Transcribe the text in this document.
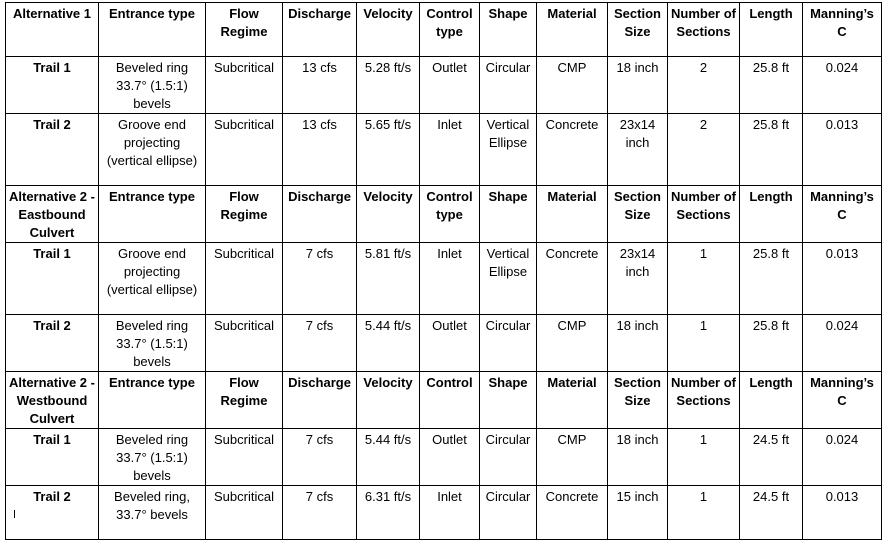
Alternative 1	Entrance type	Flow Regime	Discharge	Velocity	Control type	Shape	Material	Section Size	Number of Sections	Length	Manning’s C
Trail 1	Beveled ring 33.7° (1.5:1) bevels	Subcritical	13 cfs	5.28 ft/s	Outlet	Circular	CMP	18 inch	2	25.8 ft	0.024
Trail 2	Groove end projecting (vertical ellipse)	Subcritical	13 cfs	5.65 ft/s	Inlet	Vertical Ellipse	Concrete	23x14 inch	2	25.8 ft	0.013
Alternative 2 - Eastbound Culvert	Entrance type	Flow Regime	Discharge	Velocity	Control type	Shape	Material	Section Size	Number of Sections	Length	Manning’s C
Trail 1	Groove end projecting (vertical ellipse)	Subcritical	7 cfs	5.81 ft/s	Inlet	Vertical Ellipse	Concrete	23x14 inch	1	25.8 ft	0.013
Trail 2	Beveled ring 33.7° (1.5:1) bevels	Subcritical	7 cfs	5.44 ft/s	Outlet	Circular	CMP	18 inch	1	25.8 ft	0.024
Alternative 2 - Westbound Culvert	Entrance type	Flow Regime	Discharge	Velocity	Control	Shape	Material	Section Size	Number of Sections	Length	Manning’s C
Trail 1	Beveled ring 33.7° (1.5:1) bevels	Subcritical	7 cfs	5.44 ft/s	Outlet	Circular	CMP	18 inch	1	24.5 ft	0.024
Trail 2	Beveled ring, 33.7° bevels	Subcritical	7 cfs	6.31 ft/s	Inlet	Circular	Concrete	15 inch	1	24.5 ft	0.013
